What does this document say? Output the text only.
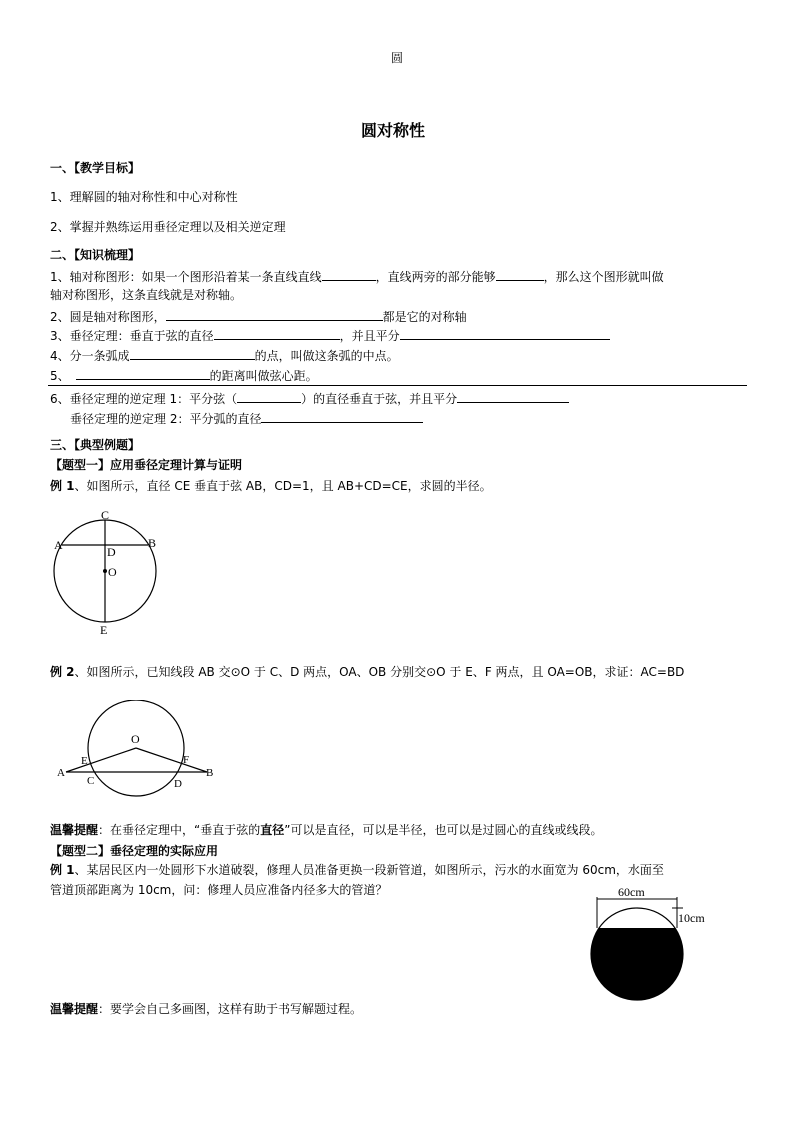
圆
圆对称性
一、【教学目标】
1、理解圆的轴对称性和中心对称性
2、掌握并熟练运用垂径定理以及相关逆定理
二、【知识梳理】
1、轴对称图形：如果一个图形沿着某一条直线直线	，直线两旁的部分能够	，那么这个图形就叫做
轴对称图形，这条直线就是对称轴。
2、圆是轴对称图形，	都是它的对称轴
3、垂径定理：垂直于弦的直径	，并且平分
4、分一条弧成	的点，叫做这条弧的中点。
5、	的距离叫做弦心距。
6、垂径定理的逆定理 1：平分弦（	）的直径垂直于弦，并且平分
垂径定理的逆定理 2：平分弧的直径
三、【典型例题】
【题型一】应用垂径定理计算与证明
例 1、如图所示，直径 CE 垂直于弦 AB，CD=1，且 AB+CD=CE，求圆的半径。
C
A	B
D
O
E
例 2、如图所示，已知线段 AB 交⊙O 于 C、D 两点，OA、OB 分别交⊙O 于 E、F 两点，且 OA=OB，求证：AC=BD
O
A	B
C	D
E	F
温馨提醒：在垂径定理中，“垂直于弦的直径”可以是直径，可以是半径，也可以是过圆心的直线或线段。
【题型二】垂径定理的实际应用
例 1、某居民区内一处圆形下水道破裂，修理人员准备更换一段新管道，如图所示，污水的水面宽为 60cm，水面至
管道顶部距离为 10cm，问：修理人员应准备内径多大的管道？	60cm
10cm
温馨提醒：要学会自己多画图，这样有助于书写解题过程。
